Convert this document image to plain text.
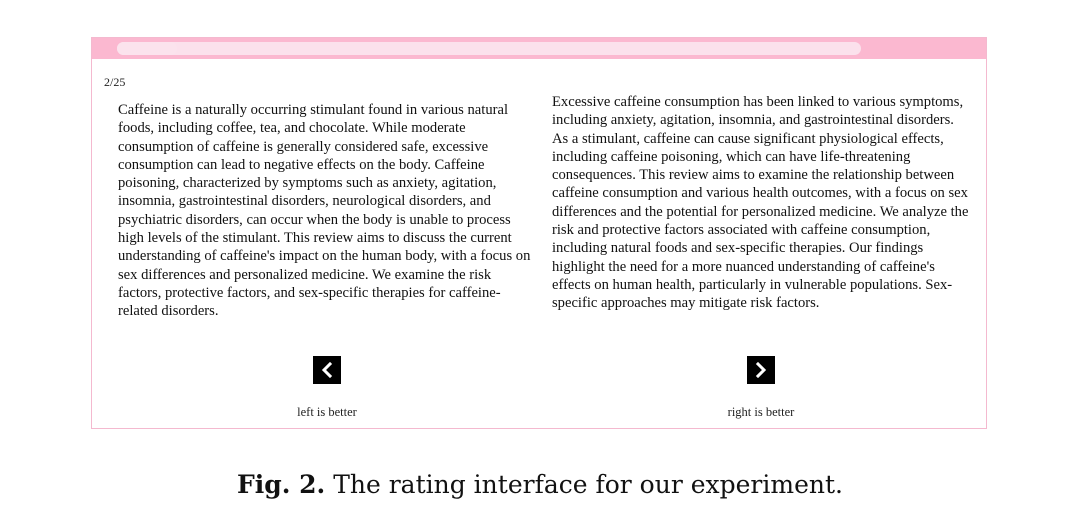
2/25

Caffeine is a naturally occurring stimulant found in various natural foods, including coffee, tea, and chocolate. While moderate consumption of caffeine is generally considered safe, excessive consumption can lead to negative effects on the body. Caffeine poisoning, characterized by symptoms such as anxiety, agitation, insomnia, gastrointestinal disorders, neurological disorders, and psychiatric disorders, can occur when the body is unable to process high levels of the stimulant. This review aims to discuss the current understanding of caffeine's impact on the human body, with a focus on sex differences and personalized medicine. We examine the risk factors, protective factors, and sex-specific therapies for caffeine-related disorders.

Excessive caffeine consumption has been linked to various symptoms, including anxiety, agitation, insomnia, and gastrointestinal disorders. As a stimulant, caffeine can cause significant physiological effects, including caffeine poisoning, which can have life-threatening consequences. This review aims to examine the relationship between caffeine consumption and various health outcomes, with a focus on sex differences and the potential for personalized medicine. We analyze the risk and protective factors associated with caffeine consumption, including natural foods and sex-specific therapies. Our findings highlight the need for a more nuanced understanding of caffeine's effects on human health, particularly in vulnerable populations. Sex-specific approaches may mitigate risk factors.

left is better	right is better
Fig. 2. The rating interface for our experiment.
